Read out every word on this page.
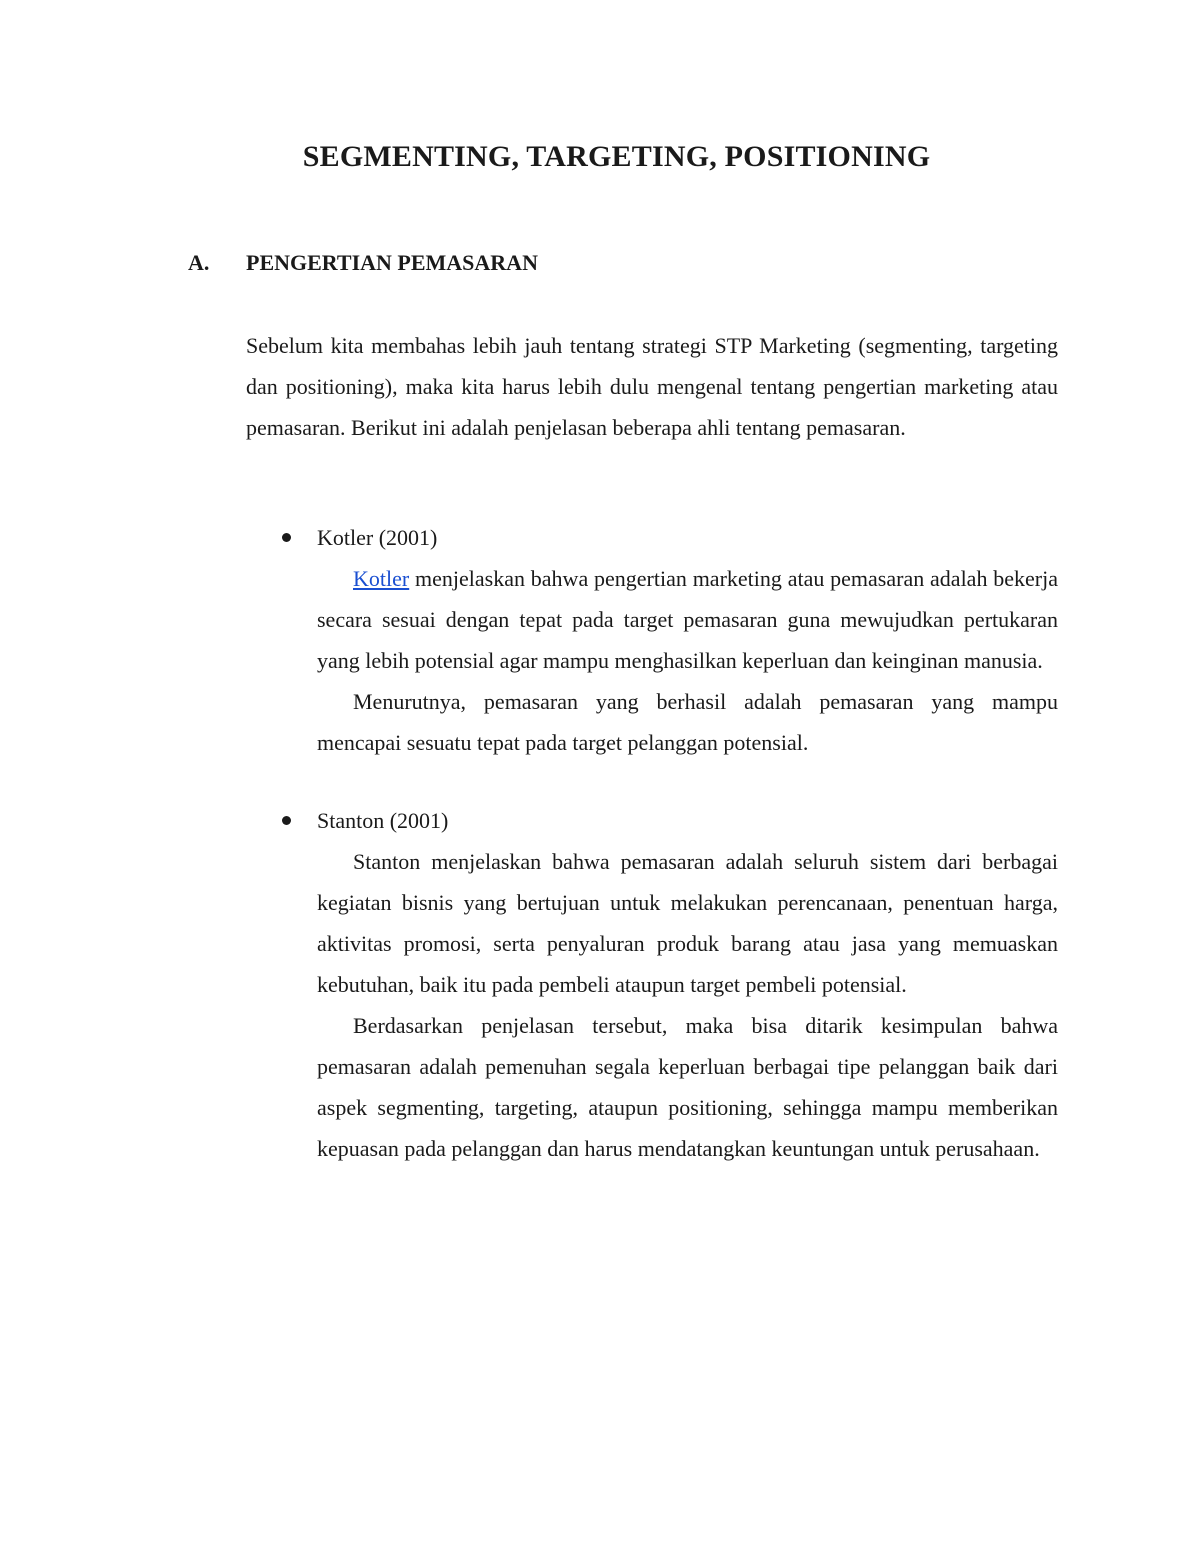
SEGMENTING, TARGETING, POSITIONING
A. PENGERTIAN PEMASARAN

Sebelum kita membahas lebih jauh tentang strategi STP Marketing (segmenting, targeting dan positioning), maka kita harus lebih dulu mengenal tentang pengertian marketing atau pemasaran. Berikut ini adalah penjelasan beberapa ahli tentang pemasaran.

Kotler (2001)

Kotler menjelaskan bahwa pengertian marketing atau pemasaran adalah bekerja secara sesuai dengan tepat pada target pemasaran guna mewujudkan pertukaran yang lebih potensial agar mampu menghasilkan keperluan dan keinginan manusia.

Menurutnya, pemasaran yang berhasil adalah pemasaran yang mampu mencapai sesuatu tepat pada target pelanggan potensial.

Stanton (2001)

Stanton menjelaskan bahwa pemasaran adalah seluruh sistem dari berbagai kegiatan bisnis yang bertujuan untuk melakukan perencanaan, penentuan harga, aktivitas promosi, serta penyaluran produk barang atau jasa yang memuaskan kebutuhan, baik itu pada pembeli ataupun target pembeli potensial.

Berdasarkan penjelasan tersebut, maka bisa ditarik kesimpulan bahwa pemasaran adalah pemenuhan segala keperluan berbagai tipe pelanggan baik dari aspek segmenting, targeting, ataupun positioning, sehingga mampu memberikan kepuasan pada pelanggan dan harus mendatangkan keuntungan untuk perusahaan.
